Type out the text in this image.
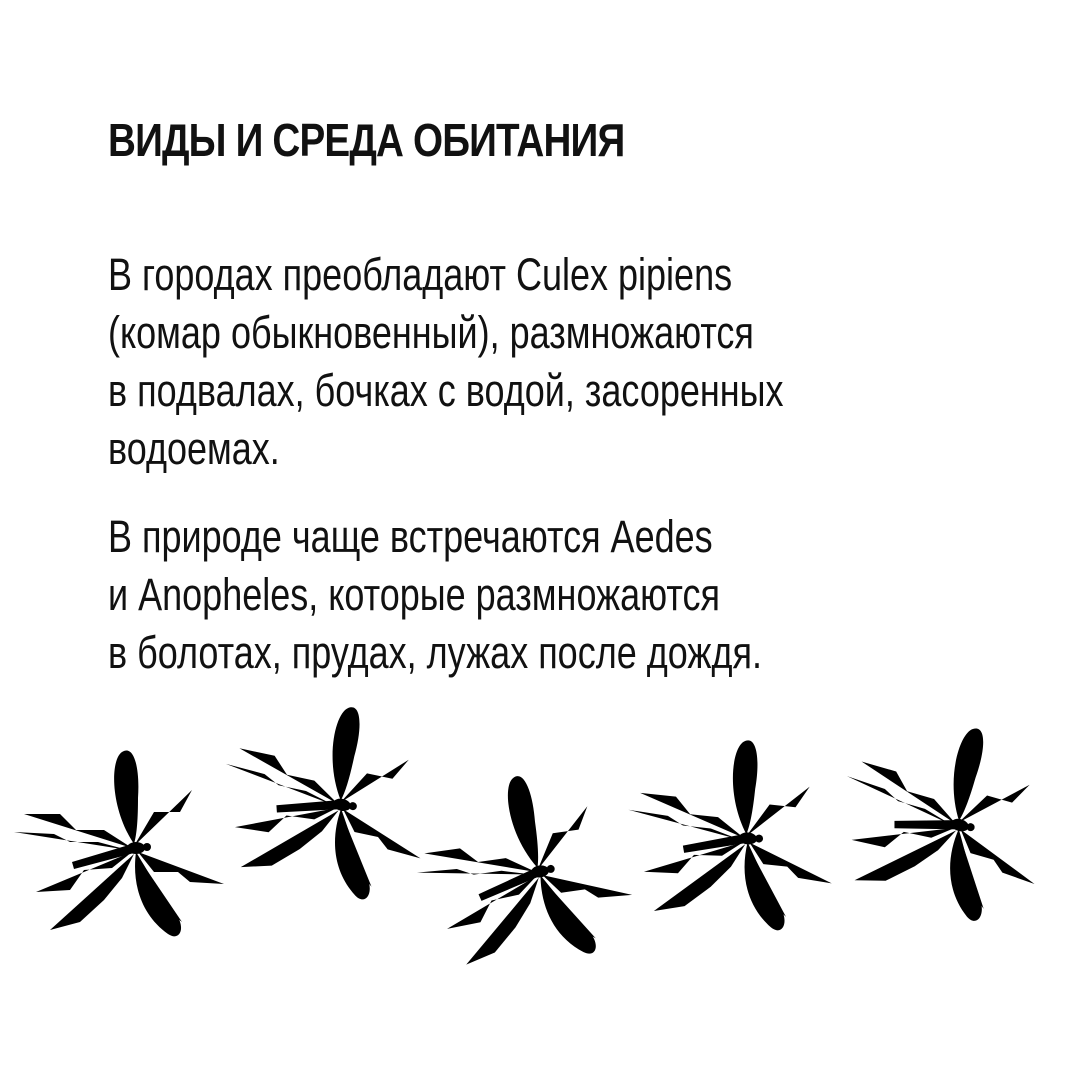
ВИДЫ И СРЕДА ОБИТАНИЯ

В городах преобладают Culex pipiens
(комар обыкновенный), размножаются
в подвалах, бочках с водой, засоренных
водоемах.

В природе чаще встречаются Aedes
и Anopheles, которые размножаются
в болотах, прудах, лужах после дождя.
